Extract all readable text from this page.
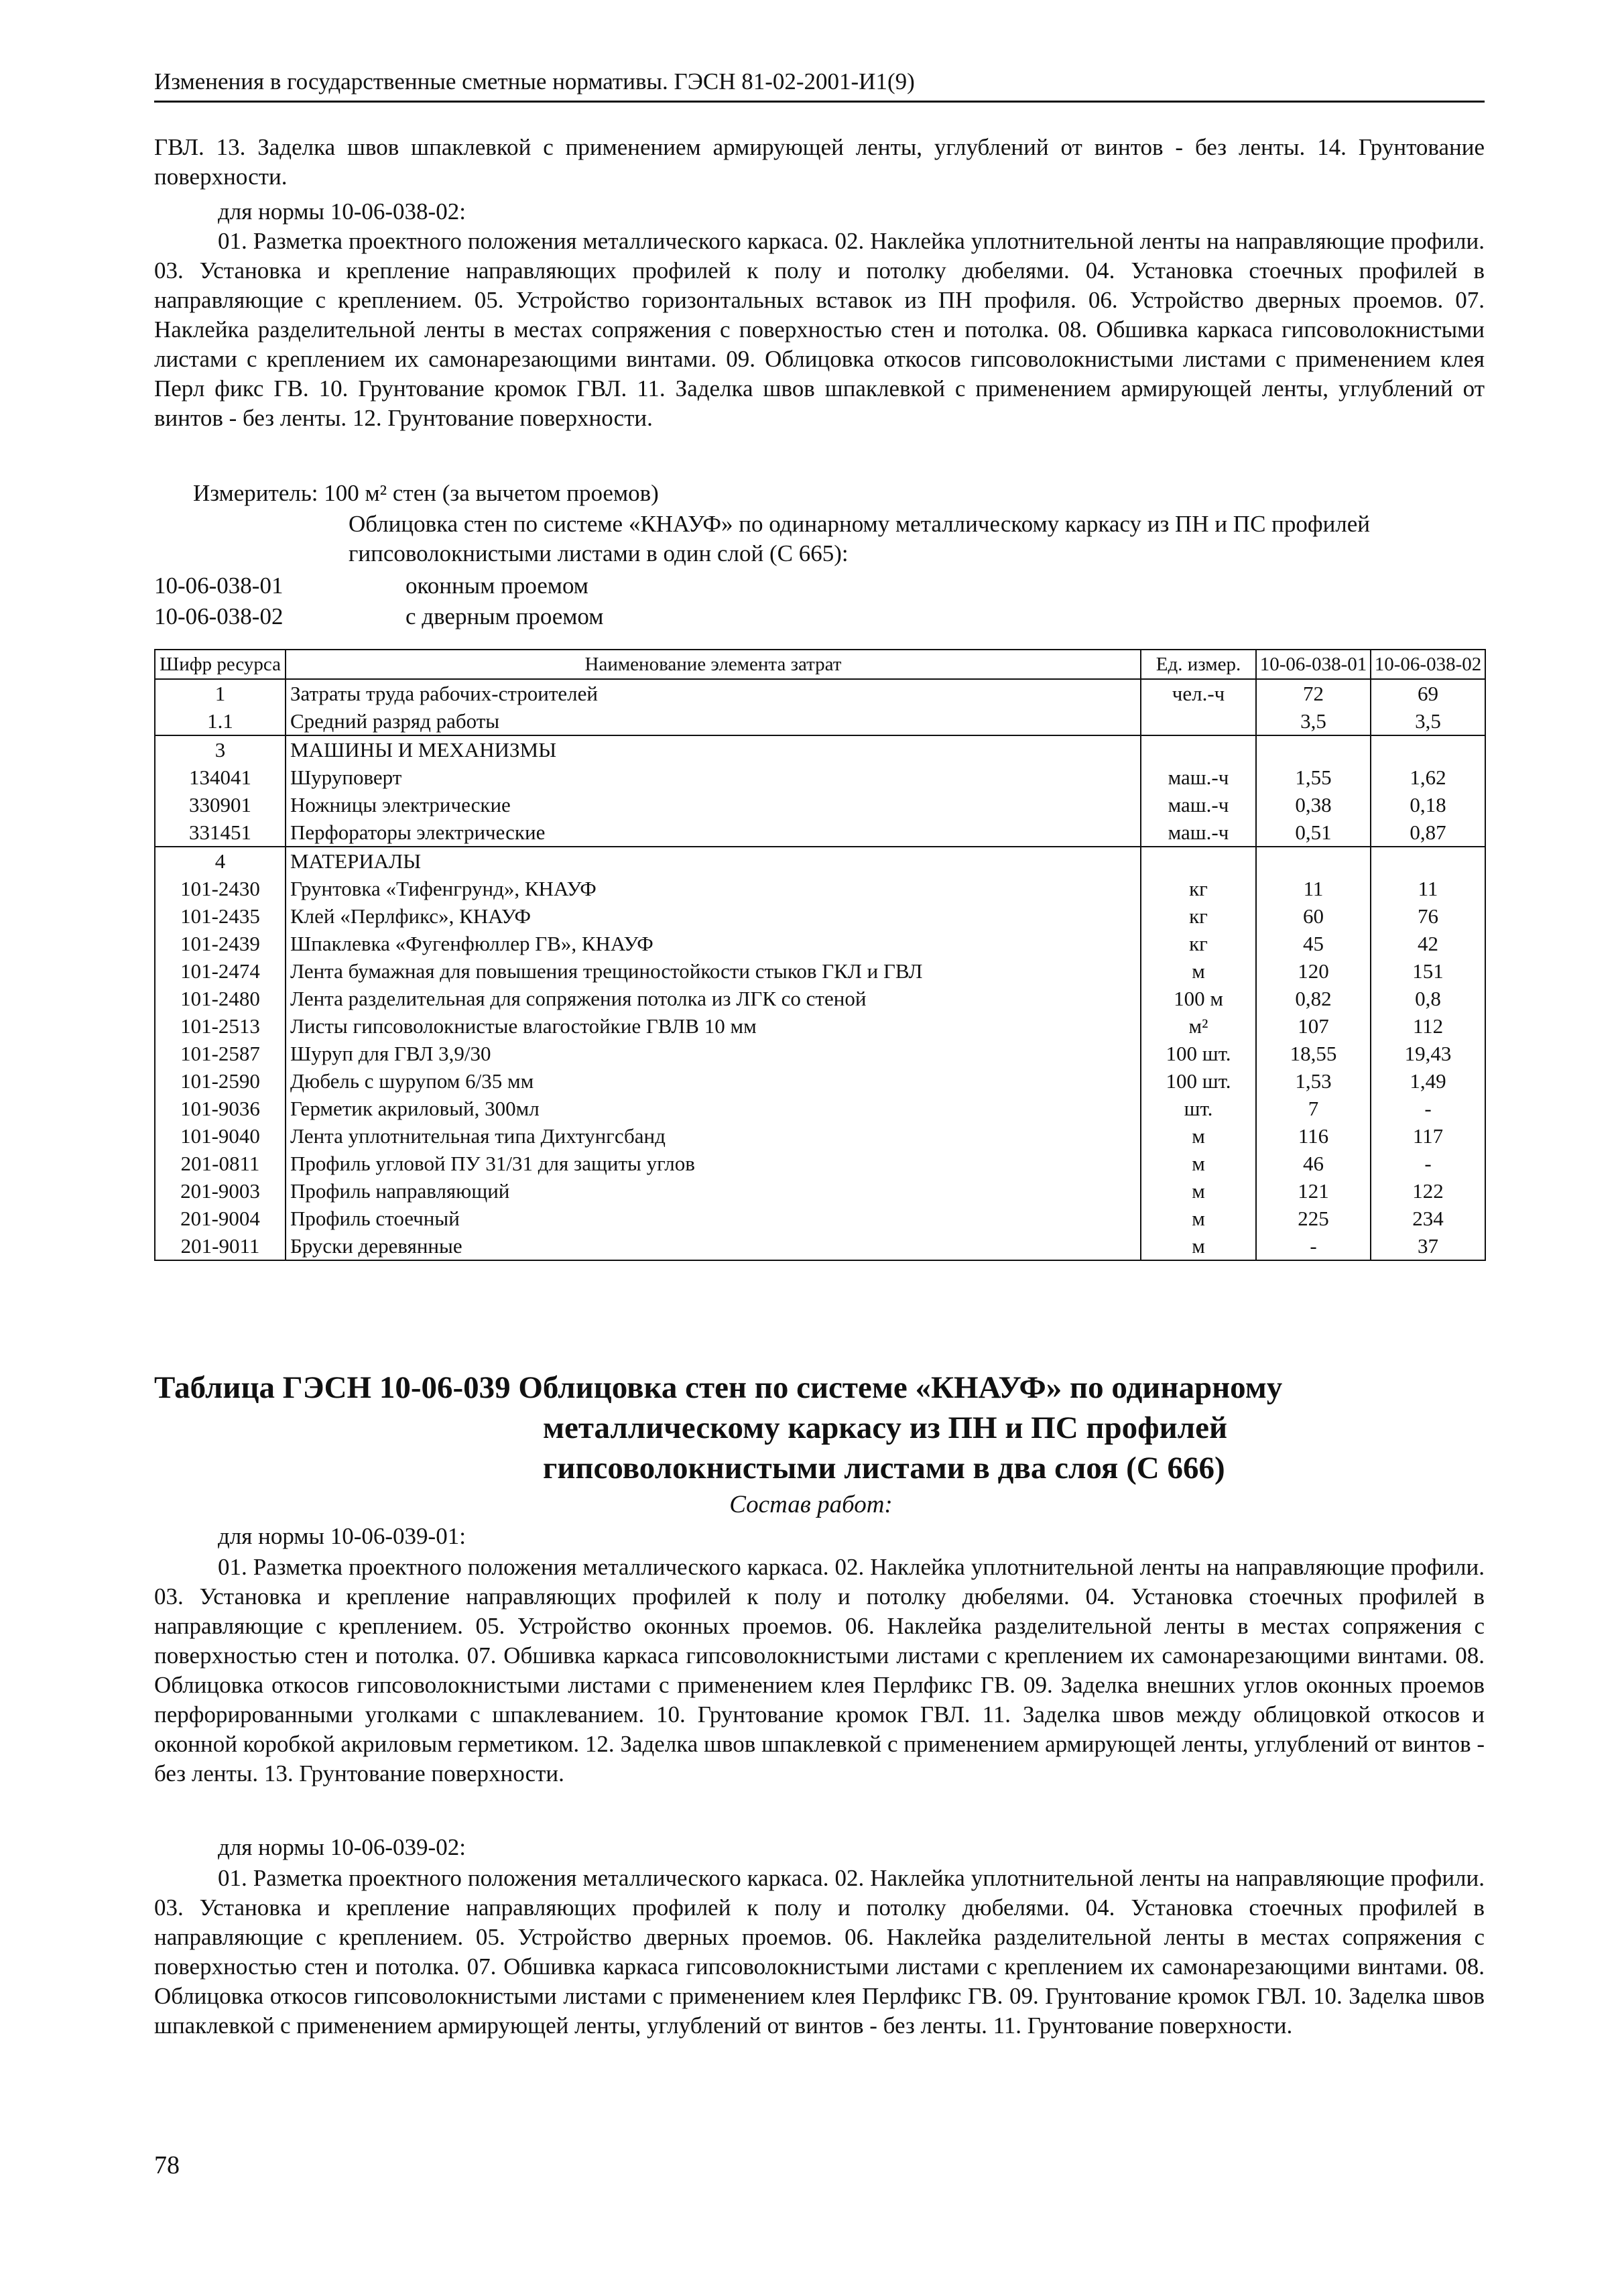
Изменения в государственные сметные нормативы. ГЭСН 81-02-2001-И1(9)

ГВЛ. 13. Заделка швов шпаклевкой с применением армирующей ленты, углублений от винтов - без ленты. 14. Грунтование поверхности.

для нормы 10-06-038-02:

01. Разметка проектного положения металлического каркаса. 02. Наклейка уплотнительной ленты на направляющие профили. 03. Установка и крепление направляющих профилей к полу и потолку дюбелями. 04. Установка стоечных профилей в направляющие с креплением. 05. Устройство горизонтальных вставок из ПН профиля. 06. Устройство дверных проемов. 07. Наклейка разделительной ленты в местах сопряжения с поверхностью стен и потолка. 08. Обшивка каркаса гипсоволокнистыми листами с креплением их самонарезающими винтами. 09. Облицовка откосов гипсоволокнистыми листами с применением клея Перл фикс ГВ. 10. Грунтование кромок ГВЛ. 11. Заделка швов шпаклевкой с применением армирующей ленты, углублений от винтов - без ленты. 12. Грунтование поверхности.

Измеритель: 100 м² стен (за вычетом проемов)
Облицовка стен по системе «КНАУФ» по одинарному металлическому каркасу из ПН и ПС профилей гипсоволокнистыми листами в один слой (С 665):
10-06-038-01	оконным проемом
10-06-038-02	с дверным проемом
Шифр ресурса	Наименование элемента затрат	Ед. измер.	10-06-038-01	10-06-038-02
1	Затраты труда рабочих-строителей	чел.-ч	72	69
1.1	Средний разряд работы		3,5	3,5
3	МАШИНЫ И МЕХАНИЗМЫ			
134041	Шуруповерт	маш.-ч	1,55	1,62
330901	Ножницы электрические	маш.-ч	0,38	0,18
331451	Перфораторы электрические	маш.-ч	0,51	0,87
4	МАТЕРИАЛЫ			
101-2430	Грунтовка «Тифенгрунд», КНАУФ	кг	11	11
101-2435	Клей «Перлфикс», КНАУФ	кг	60	76
101-2439	Шпаклевка «Фугенфюллер ГВ», КНАУФ	кг	45	42
101-2474	Лента бумажная для повышения трещиностойкости стыков ГКЛ и ГВЛ	м	120	151
101-2480	Лента разделительная для сопряжения потолка из ЛГК со стеной	100 м	0,82	0,8
101-2513	Листы гипсоволокнистые влагостойкие ГВЛВ 10 мм	м²	107	112
101-2587	Шуруп для ГВЛ 3,9/30	100 шт.	18,55	19,43
101-2590	Дюбель с шурупом 6/35 мм	100 шт.	1,53	1,49
101-9036	Герметик акриловый, 300мл	шт.	7	-
101-9040	Лента уплотнительная типа Дихтунгсбанд	м	116	117
201-0811	Профиль угловой ПУ 31/31 для защиты углов	м	46	-
201-9003	Профиль направляющий	м	121	122
201-9004	Профиль стоечный	м	225	234
201-9011	Бруски деревянные	м	-	37
Таблица ГЭСН 10-06-039 Облицовка стен по системе «КНАУФ» по одинарному
металлическому каркасу из ПН и ПС профилей
гипсоволокнистыми листами в два слоя (С 666)
Состав работ:
для нормы 10-06-039-01:

01. Разметка проектного положения металлического каркаса. 02. Наклейка уплотнительной ленты на направляющие профили. 03. Установка и крепление направляющих профилей к полу и потолку дюбелями. 04. Установка стоечных профилей в направляющие с креплением. 05. Устройство оконных проемов. 06. Наклейка разделительной ленты в местах сопряжения с поверхностью стен и потолка. 07. Обшивка каркаса гипсоволокнистыми листами с креплением их самонарезающими винтами. 08. Облицовка откосов гипсоволокнистыми листами с применением клея Перлфикс ГВ. 09. Заделка внешних углов оконных проемов перфорированными уголками с шпаклеванием. 10. Грунтование кромок ГВЛ. 11. Заделка швов между облицовкой откосов и оконной коробкой акриловым герметиком. 12. Заделка швов шпаклевкой с применением армирующей ленты, углублений от винтов - без ленты. 13. Грунтование поверхности.

для нормы 10-06-039-02:

01. Разметка проектного положения металлического каркаса. 02. Наклейка уплотнительной ленты на направляющие профили. 03. Установка и крепление направляющих профилей к полу и потолку дюбелями. 04. Установка стоечных профилей в направляющие с креплением. 05. Устройство дверных проемов. 06. Наклейка разделительной ленты в местах сопряжения с поверхностью стен и потолка. 07. Обшивка каркаса гипсоволокнистыми листами с креплением их самонарезающими винтами. 08. Облицовка откосов гипсоволокнистыми листами с применением клея Перлфикс ГВ. 09. Грунтование кромок ГВЛ. 10. Заделка швов шпаклевкой с применением армирующей ленты, углублений от винтов - без ленты. 11. Грунтование поверхности.

78
